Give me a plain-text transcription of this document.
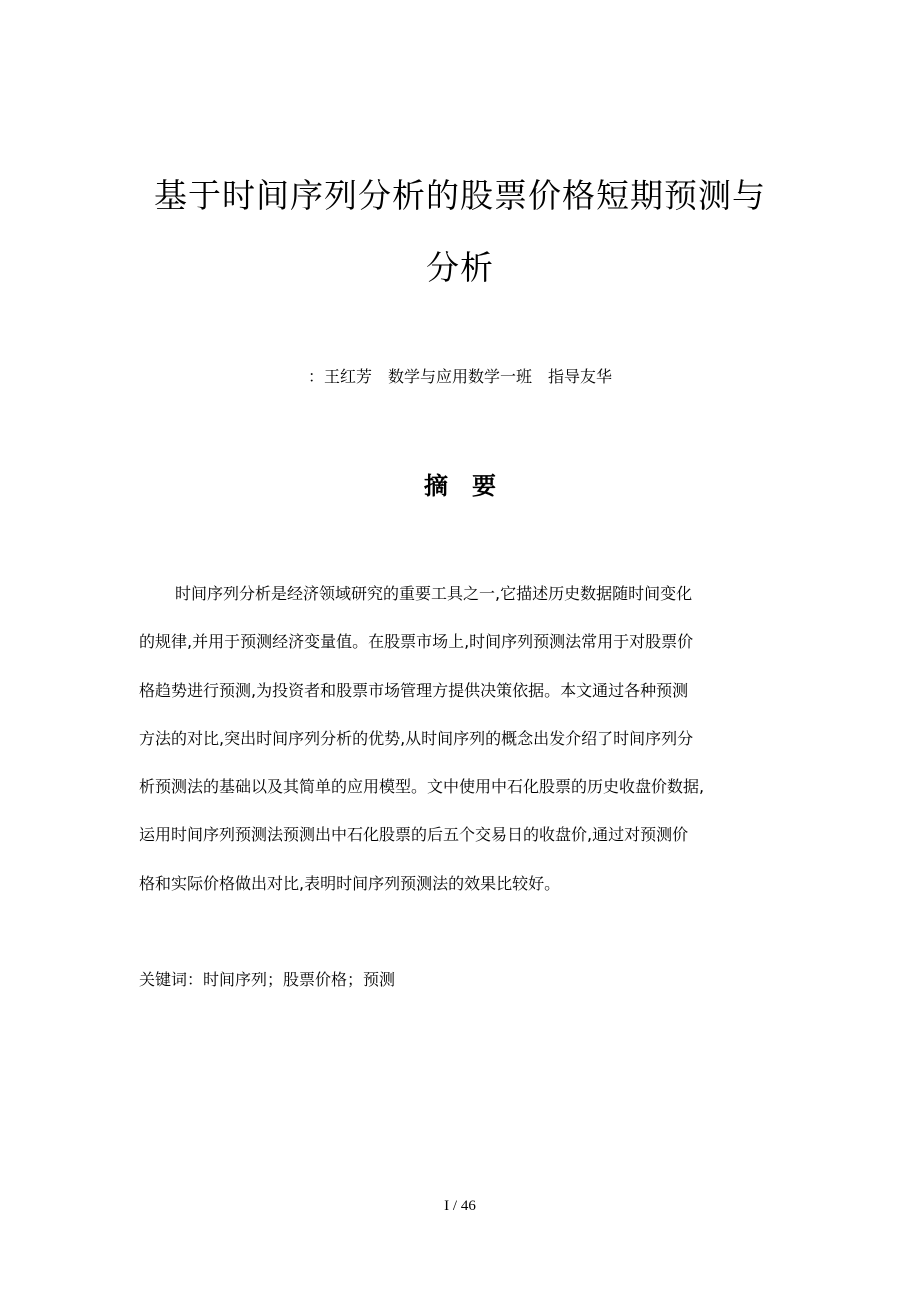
基于时间序列分析的股票价格短期预测与
分析
：王红芳　数学与应用数学一班　指导友华
摘　要
时间序列分析是经济领域研究的重要工具之一,它描述历史数据随时间变化
的规律,并用于预测经济变量值。在股票市场上,时间序列预测法常用于对股票价
格趋势进行预测,为投资者和股票市场管理方提供决策依据。本文通过各种预测
方法的对比,突出时间序列分析的优势,从时间序列的概念出发介绍了时间序列分
析预测法的基础以及其简单的应用模型。文中使用中石化股票的历史收盘价数据,
运用时间序列预测法预测出中石化股票的后五个交易日的收盘价,通过对预测价
格和实际价格做出对比,表明时间序列预测法的效果比较好。
关键词：时间序列；股票价格；预测
I / 46
